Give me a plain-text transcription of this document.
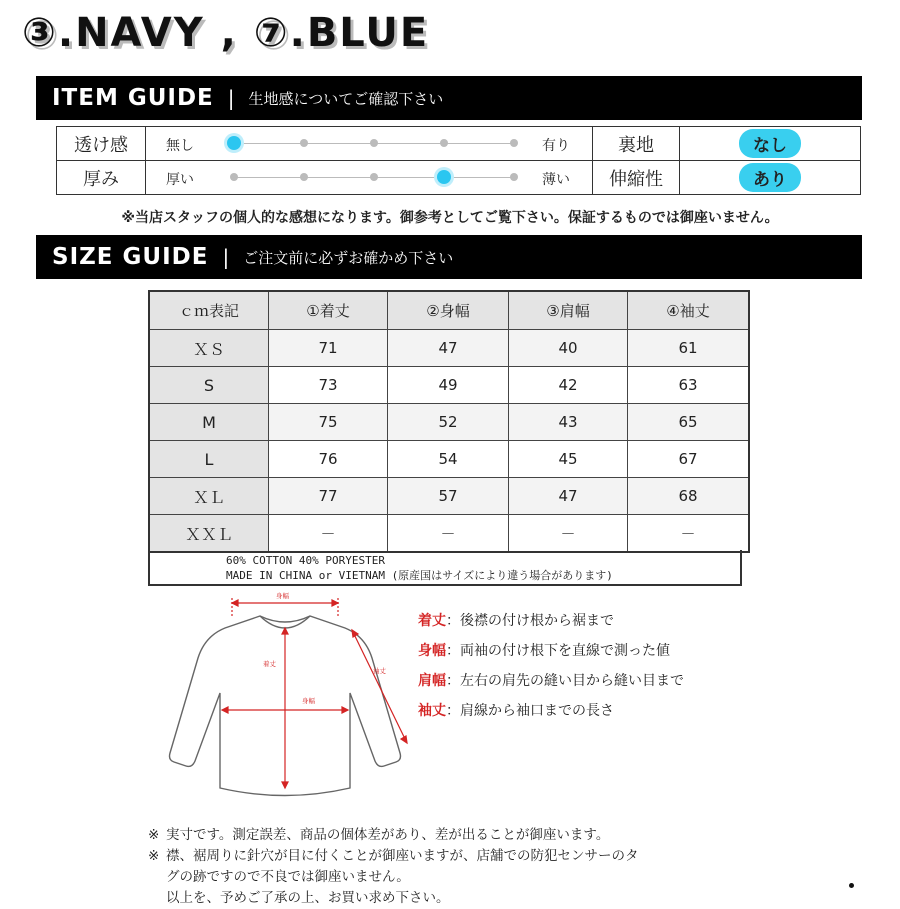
③.NAVY , ⑦.BLUE
ITEM GUIDE | 生地感についてご確認下さい
透け感	無し 有り	裏地	なし
厚み	厚い 薄い	伸縮性	あり
※当店スタッフの個人的な感想になります。御参考としてご覧下さい。保証するものでは御座いません。
SIZE GUIDE | ご注文前に必ずお確かめ下さい
ｃｍ表記	①着丈	②身幅	③肩幅	④袖丈
ＸＳ	71	47	40	61
S	73	49	42	63
M	75	52	43	65
L	76	54	45	67
ＸＬ	77	57	47	68
ＸＸＬ	－	－	－	－
60% COTTON 40% PORYESTER
MADE IN CHINA or VIETNAM (原産国はサイズにより違う場合があります)
身幅
着丈
袖丈
身幅
着丈：後襟の付け根から裾まで
身幅：両袖の付け根下を直線で測った値
肩幅：左右の肩先の縫い目から縫い目まで
袖丈：肩線から袖口までの長さ
※ 実寸です。測定誤差、商品の個体差があり、差が出ることが御座います。
※ 襟、裾周りに針穴が目に付くことが御座いますが、店舗での防犯センサーのタ
グの跡ですので不良では御座いません。
以上を、予めご了承の上、お買い求め下さい。
